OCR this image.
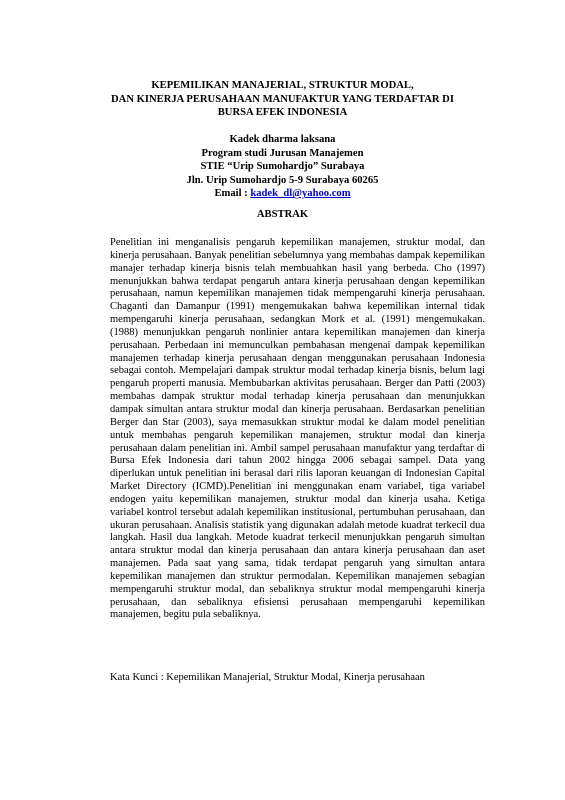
KEPEMILIKAN MANAJERIAL, STRUKTUR MODAL,
DAN KINERJA PERUSAHAAN MANUFAKTUR YANG TERDAFTAR DI
BURSA EFEK INDONESIA
Kadek dharma laksana
Program studi Jurusan Manajemen
STIE “Urip Sumohardjo” Surabaya
Jln. Urip Sumohardjo 5-9 Surabaya 60265
Email : kadek_dl@yahoo.com
ABSTRAK

Penelitian ini menganalisis pengaruh kepemilikan manajemen, struktur modal, dan kinerja perusahaan. Banyak penelitian sebelumnya yang membahas dampak kepemilikan manajer terhadap kinerja bisnis telah membuahkan hasil yang berbeda. Cho (1997) menunjukkan bahwa terdapat pengaruh antara kinerja perusahaan dengan kepemilikan perusahaan, namun kepemilikan manajemen tidak mempengaruhi kinerja perusahaan. Chaganti dan Damanpur (1991) mengemukakan bahwa kepemilikan internal tidak mempengaruhi kinerja perusahaan, sedangkan Mork et al. (1991) mengemukakan. (1988) menunjukkan pengaruh nonlinier antara kepemilikan manajemen dan kinerja perusahaan. Perbedaan ini memunculkan pembahasan mengenai dampak kepemilikan manajemen terhadap kinerja perusahaan dengan menggunakan perusahaan Indonesia sebagai contoh. Mempelajari dampak struktur modal terhadap kinerja bisnis, belum lagi pengaruh properti manusia. Membubarkan aktivitas perusahaan. Berger dan Patti (2003) membahas dampak struktur modal terhadap kinerja perusahaan dan menunjukkan dampak simultan antara struktur modal dan kinerja perusahaan. Berdasarkan penelitian Berger dan Star (2003), saya memasukkan struktur modal ke dalam model penelitian untuk membahas pengaruh kepemilikan manajemen, struktur modal dan kinerja perusahaan dalam penelitian ini. Ambil sampel perusahaan manufaktur yang terdaftar di Bursa Efek Indonesia dari tahun 2002 hingga 2006 sebagai sampel. Data yang diperlukan untuk penelitian ini berasal dari rilis laporan keuangan di Indonesian Capital Market Directory (ICMD).Penelitian ini menggunakan enam variabel, tiga variabel endogen yaitu kepemilikan manajemen, struktur modal dan kinerja usaha. Ketiga variabel kontrol tersebut adalah kepemilikan institusional, pertumbuhan perusahaan, dan ukuran perusahaan. Analisis statistik yang digunakan adalah metode kuadrat terkecil dua langkah. Hasil dua langkah. Metode kuadrat terkecil menunjukkan pengaruh simultan antara struktur modal dan kinerja perusahaan dan antara kinerja perusahaan dan aset manajemen. Pada saat yang sama, tidak terdapat pengaruh yang simultan antara kepemilikan manajemen dan struktur permodalan. Kepemilikan manajemen sebagian mempengaruhi struktur modal, dan sebaliknya struktur modal mempengaruhi kinerja perusahaan, dan sebaliknya efisiensi perusahaan mempengaruhi kepemilikan manajemen, begitu pula sebaliknya.

Kata Kunci : Kepemilikan Manajerial, Struktur Modal, Kinerja perusahaan
